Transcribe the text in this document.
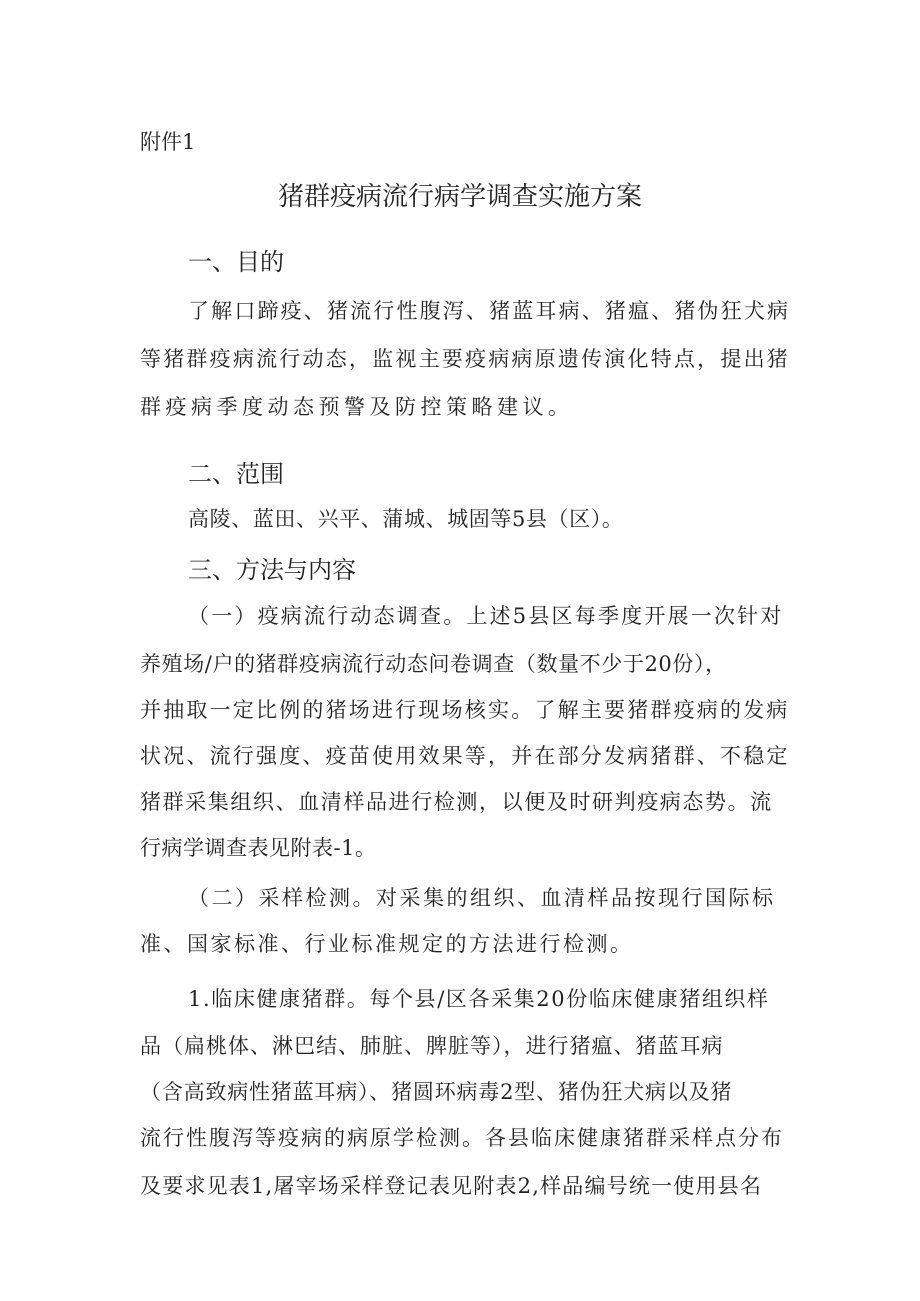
附件1
猪群疫病流行病学调查实施方案
一、目的
了解口蹄疫、猪流行性腹泻、猪蓝耳病、猪瘟、猪伪狂犬病
等猪群疫病流行动态，监视主要疫病病原遗传演化特点，提出猪
群疫病季度动态预警及防控策略建议。
二、范围
高陵、蓝田、兴平、蒲城、城固等5县（区）。
三、方法与内容
（一）疫病流行动态调查。上述5县区每季度开展一次针对
养殖场/户的猪群疫病流行动态问卷调查（数量不少于20份），
并抽取一定比例的猪场进行现场核实。了解主要猪群疫病的发病
状况、流行强度、疫苗使用效果等，并在部分发病猪群、不稳定
猪群采集组织、血清样品进行检测，以便及时研判疫病态势。流
行病学调查表见附表-1。
（二）采样检测。对采集的组织、血清样品按现行国际标
准、国家标准、行业标准规定的方法进行检测。
1.临床健康猪群。每个县/区各采集20份临床健康猪组织样
品（扁桃体、淋巴结、肺脏、脾脏等），进行猪瘟、猪蓝耳病
（含高致病性猪蓝耳病）、猪圆环病毒2型、猪伪狂犬病以及猪
流行性腹泻等疫病的病原学检测。各县临床健康猪群采样点分布
及要求见表1,屠宰场采样登记表见附表2,样品编号统一使用县名
